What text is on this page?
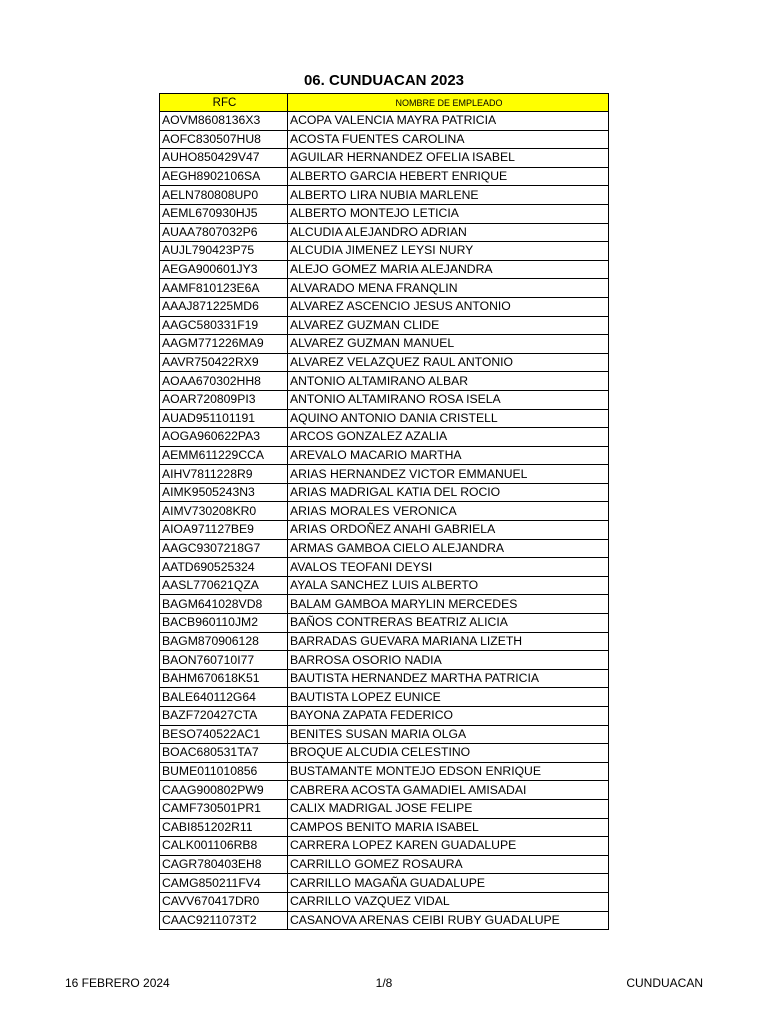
06. CUNDUACAN 2023
RFC	NOMBRE DE EMPLEADO
AOVM8608136X3	ACOPA VALENCIA MAYRA PATRICIA
AOFC830507HU8	ACOSTA FUENTES CAROLINA
AUHO850429V47	AGUILAR HERNANDEZ OFELIA ISABEL
AEGH8902106SA	ALBERTO GARCIA HEBERT ENRIQUE
AELN780808UP0	ALBERTO LIRA NUBIA MARLENE
AEML670930HJ5	ALBERTO MONTEJO LETICIA
AUAA7807032P6	ALCUDIA ALEJANDRO ADRIAN
AUJL790423P75	ALCUDIA JIMENEZ LEYSI NURY
AEGA900601JY3	ALEJO GOMEZ MARIA ALEJANDRA
AAMF810123E6A	ALVARADO MENA FRANQLIN
AAAJ871225MD6	ALVAREZ ASCENCIO JESUS ANTONIO
AAGC580331F19	ALVAREZ GUZMAN CLIDE
AAGM771226MA9	ALVAREZ GUZMAN MANUEL
AAVR750422RX9	ALVAREZ VELAZQUEZ RAUL ANTONIO
AOAA670302HH8	ANTONIO ALTAMIRANO ALBAR
AOAR720809PI3	ANTONIO ALTAMIRANO ROSA ISELA
AUAD951101191	AQUINO ANTONIO DANIA CRISTELL
AOGA960622PA3	ARCOS GONZALEZ AZALIA
AEMM611229CCA	AREVALO MACARIO MARTHA
AIHV7811228R9	ARIAS HERNANDEZ VICTOR EMMANUEL
AIMK9505243N3	ARIAS MADRIGAL KATIA DEL ROCIO
AIMV730208KR0	ARIAS MORALES VERONICA
AIOA971127BE9	ARIAS ORDOÑEZ ANAHI GABRIELA
AAGC9307218G7	ARMAS GAMBOA CIELO ALEJANDRA
AATD690525324	AVALOS TEOFANI DEYSI
AASL770621QZA	AYALA SANCHEZ LUIS ALBERTO
BAGM641028VD8	BALAM GAMBOA MARYLIN MERCEDES
BACB960110JM2	BAÑOS CONTRERAS BEATRIZ ALICIA
BAGM870906128	BARRADAS GUEVARA MARIANA LIZETH
BAON760710I77	BARROSA OSORIO NADIA
BAHM670618K51	BAUTISTA HERNANDEZ MARTHA PATRICIA
BALE640112G64	BAUTISTA LOPEZ EUNICE
BAZF720427CTA	BAYONA ZAPATA FEDERICO
BESO740522AC1	BENITES SUSAN MARIA OLGA
BOAC680531TA7	BROQUE ALCUDIA CELESTINO
BUME011010856	BUSTAMANTE MONTEJO EDSON ENRIQUE
CAAG900802PW9	CABRERA ACOSTA GAMADIEL AMISADAI
CAMF730501PR1	CALIX MADRIGAL JOSE FELIPE
CABI851202R11	CAMPOS BENITO MARIA ISABEL
CALK001106RB8	CARRERA LOPEZ KAREN GUADALUPE
CAGR780403EH8	CARRILLO GOMEZ ROSAURA
CAMG850211FV4	CARRILLO MAGAÑA GUADALUPE
CAVV670417DR0	CARRILLO VAZQUEZ VIDAL
CAAC9211073T2	CASANOVA ARENAS CEIBI RUBY GUADALUPE
16 FEBRERO 2024	1/8	CUNDUACAN
